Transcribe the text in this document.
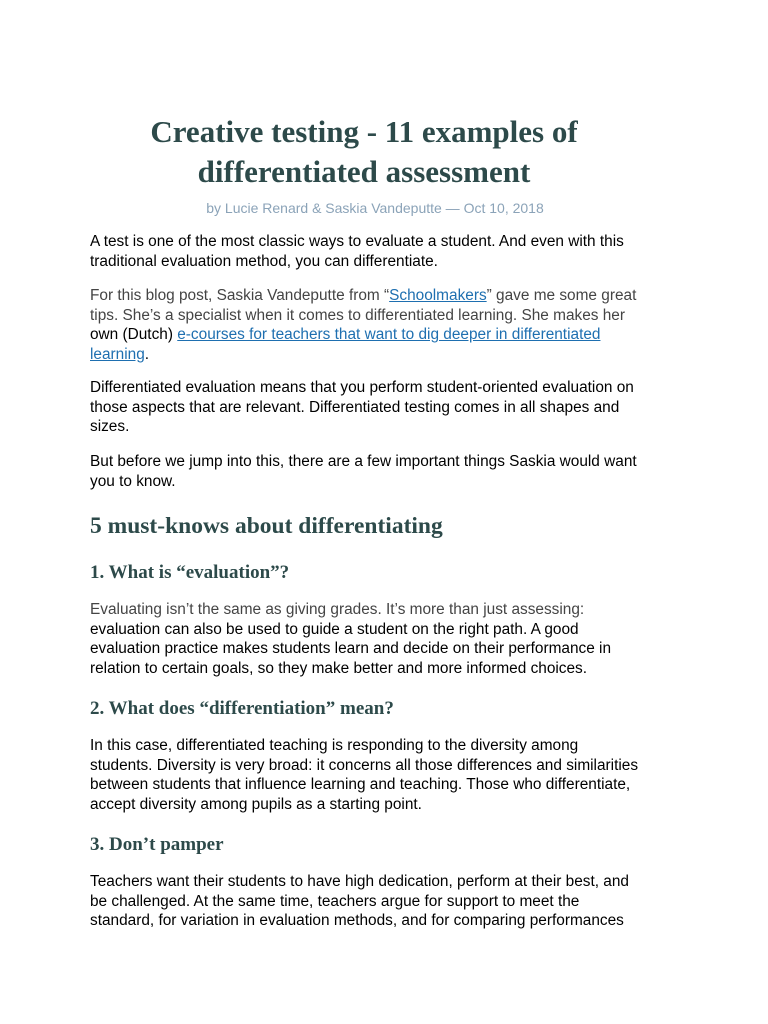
Creative testing - 11 examples of
differentiated assessment

by Lucie Renard & Saskia Vandeputte — Oct 10, 2018

A test is one of the most classic ways to evaluate a student. And even with this
traditional evaluation method, you can differentiate.

For this blog post, Saskia Vandeputte from “Schoolmakers” gave me some great
tips. She’s a specialist when it comes to differentiated learning. She makes her
own (Dutch) e-courses for teachers that want to dig deeper in differentiated
learning.

Differentiated evaluation means that you perform student-oriented evaluation on
those aspects that are relevant. Differentiated testing comes in all shapes and
sizes.

But before we jump into this, there are a few important things Saskia would want
you to know.

5 must-knows about differentiating
1. What is “evaluation”?

Evaluating isn’t the same as giving grades. It’s more than just assessing:
evaluation can also be used to guide a student on the right path. A good
evaluation practice makes students learn and decide on their performance in
relation to certain goals, so they make better and more informed choices.

2. What does “differentiation” mean?

In this case, differentiated teaching is responding to the diversity among
students. Diversity is very broad: it concerns all those differences and similarities
between students that influence learning and teaching. Those who differentiate,
accept diversity among pupils as a starting point.

3. Don’t pamper

Teachers want their students to have high dedication, perform at their best, and
be challenged. At the same time, teachers argue for support to meet the
standard, for variation in evaluation methods, and for comparing performances
